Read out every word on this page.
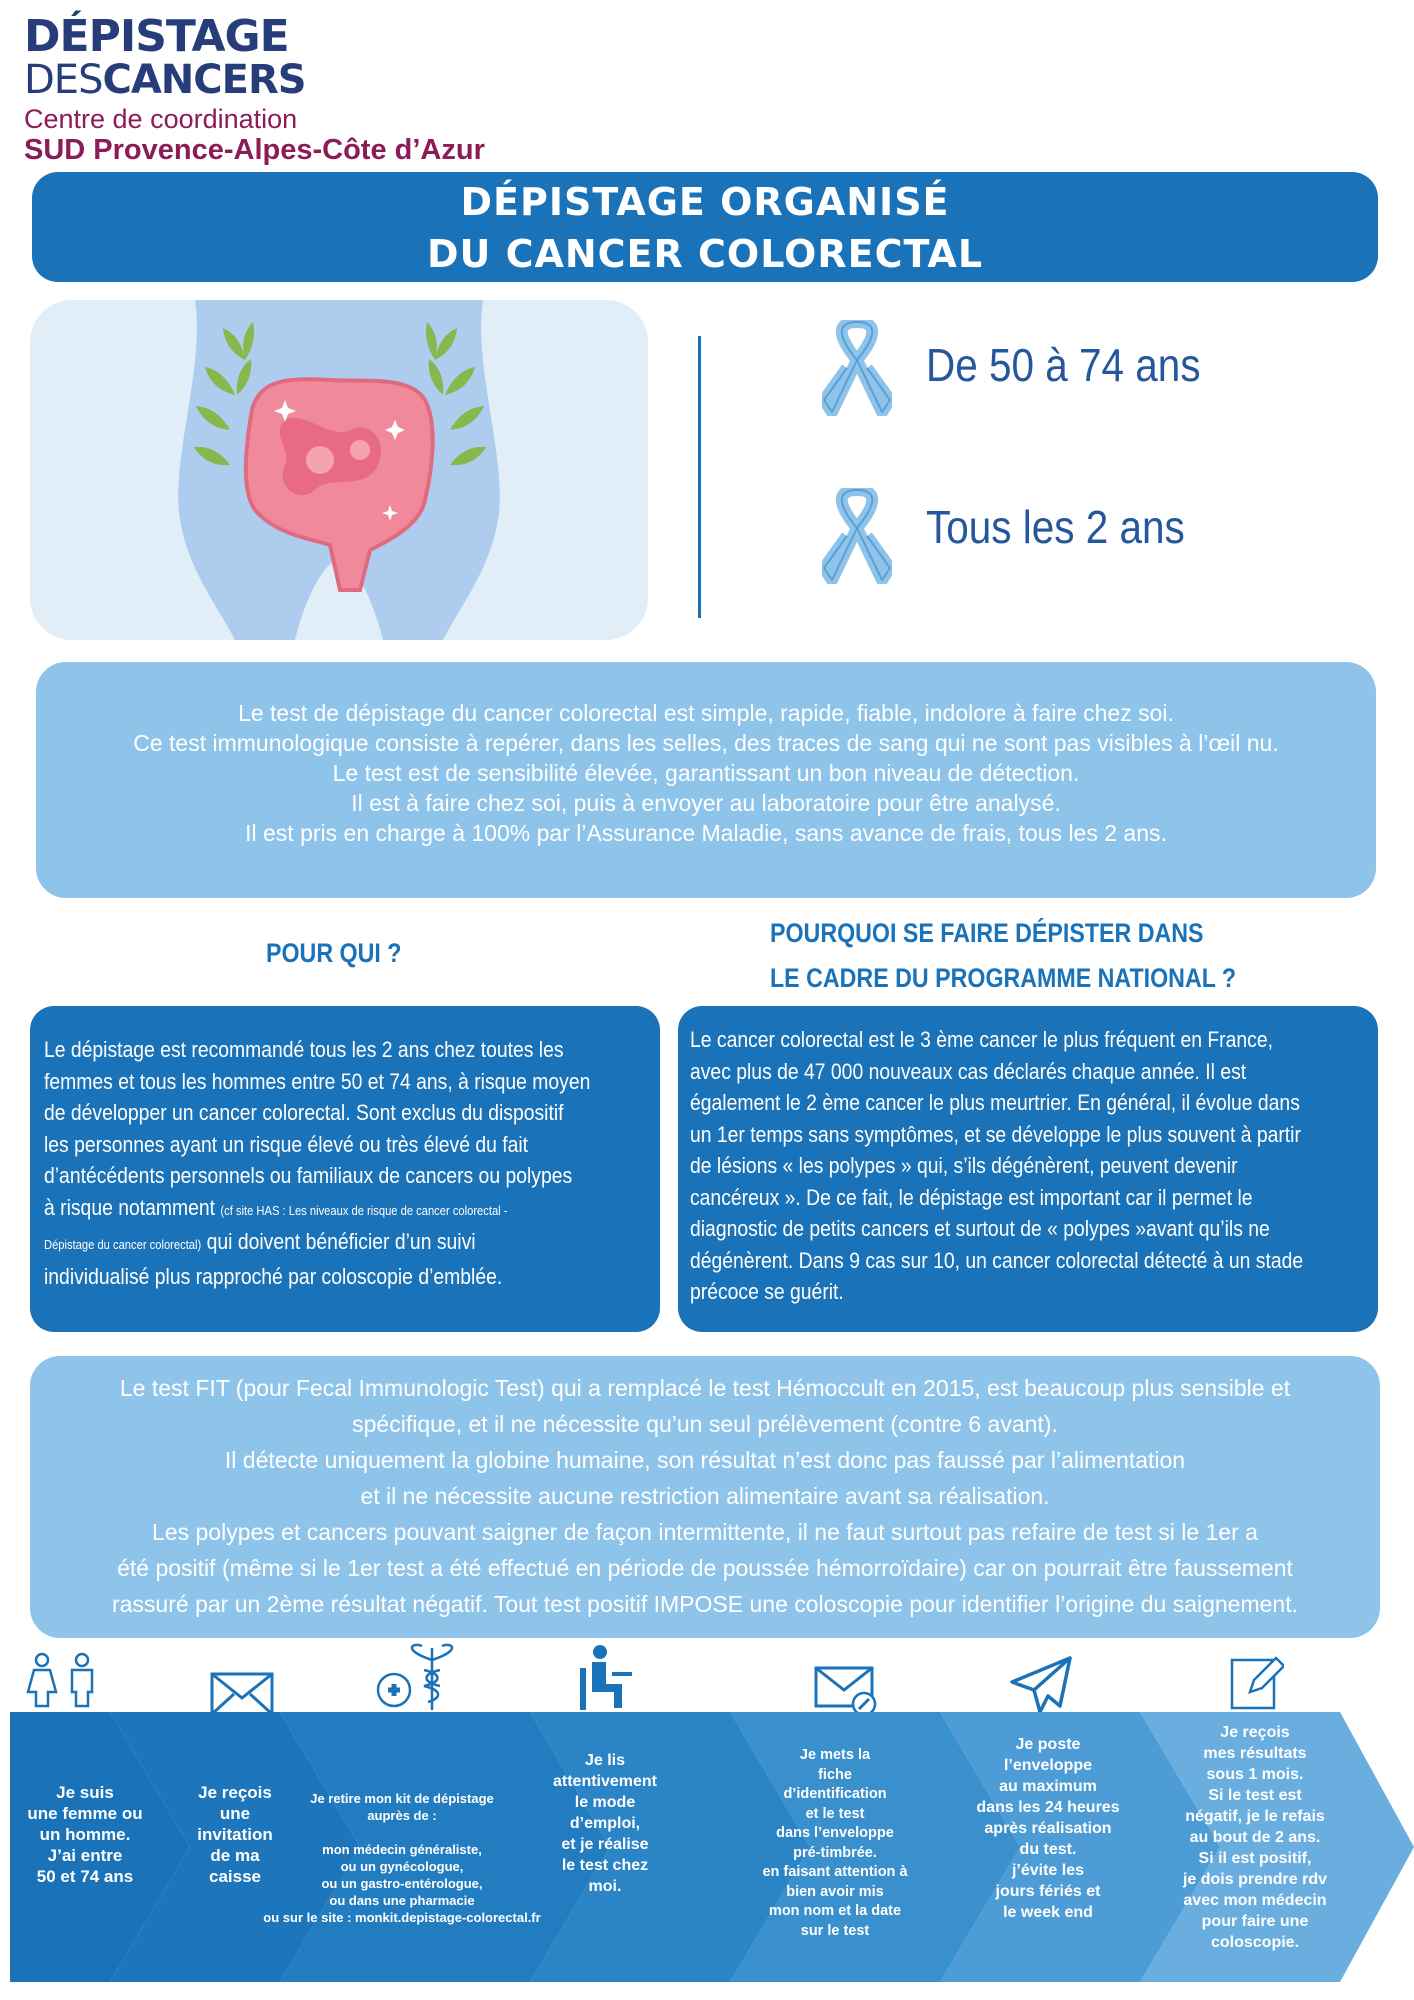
DÉPISTAGE
DESCANCERS
Centre de coordination
SUD Provence-Alpes-Côte d’Azur
DÉPISTAGE ORGANISÉ
DU CANCER COLORECTAL
De 50 à 74 ans
Tous les 2 ans

Le test de dépistage du cancer colorectal est simple, rapide, fiable, indolore à faire chez soi.

Ce test immunologique consiste à repérer, dans les selles, des traces de sang qui ne sont pas visibles à l’œil nu.

Le test est de sensibilité élevée, garantissant un bon niveau de détection.

Il est à faire chez soi, puis à envoyer au laboratoire pour être analysé.

Il est pris en charge à 100% par l’Assurance Maladie, sans avance de frais, tous les 2 ans.

POUR QUI ?
POURQUOI SE FAIRE DÉPISTER DANS
LE CADRE DU PROGRAMME NATIONAL ?
Le dépistage est recommandé tous les 2 ans chez toutes les
femmes et tous les hommes entre 50 et 74 ans, à risque moyen
de développer un cancer colorectal. Sont exclus du dispositif
les personnes ayant un risque élevé ou très élevé du fait
d’antécédents personnels ou familiaux de cancers ou polypes
à risque notamment (cf site HAS : Les niveaux de risque de cancer colorectal -
Dépistage du cancer colorectal) qui doivent bénéficier d’un suivi
individualisé plus rapproché par coloscopie d’emblée.
Le cancer colorectal est le 3 ème cancer le plus fréquent en France,
avec plus de 47 000 nouveaux cas déclarés chaque année. Il est
également le 2 ème cancer le plus meurtrier. En général, il évolue dans
un 1er temps sans symptômes, et se développe le plus souvent à partir
de lésions « les polypes » qui, s’ils dégénèrent, peuvent devenir
cancéreux ». De ce fait, le dépistage est important car il permet le
diagnostic de petits cancers et surtout de « polypes »avant qu’ils ne
dégénèrent. Dans 9 cas sur 10, un cancer colorectal détecté à un stade
précoce se guérit.

Le test FIT (pour Fecal Immunologic Test) qui a remplacé le test Hémoccult en 2015, est beaucoup plus sensible et

spécifique, et il ne nécessite qu’un seul prélèvement (contre 6 avant).

Il détecte uniquement la globine humaine, son résultat n’est donc pas faussé par l’alimentation

et il ne nécessite aucune restriction alimentaire avant sa réalisation.

Les polypes et cancers pouvant saigner de façon intermittente, il ne faut surtout pas refaire de test si le 1er a

été positif (même si le 1er test a été effectué en période de poussée hémorroïdaire) car on pourrait être faussement

rassuré par un 2ème résultat négatif. Tout test positif IMPOSE une coloscopie pour identifier l’origine du saignement.

Je suis
une femme ou
un homme.
J’ai entre
50 et 74 ans
Je reçois
une
invitation
de ma
caisse
Je retire mon kit de dépistage
auprès de :

mon médecin généraliste,
ou un gynécologue,
ou un gastro-entérologue,
ou dans une pharmacie
ou sur le site : monkit.depistage-colorectal.fr
Je lis
attentivement
le mode
d’emploi,
et je réalise
le test chez
moi.
Je mets la
fiche
d’identification
et le test
dans l’enveloppe
pré-timbrée.
en faisant attention à
bien avoir mis
mon nom et la date
sur le test
Je poste
l’enveloppe
au maximum
dans les 24 heures
après réalisation
du test.
j’évite les
jours fériés et
le week end
Je reçois
mes résultats
sous 1 mois.
Si le test est
négatif, je le refais
au bout de 2 ans.
Si il est positif,
je dois prendre rdv
avec mon médecin
pour faire une
coloscopie.
